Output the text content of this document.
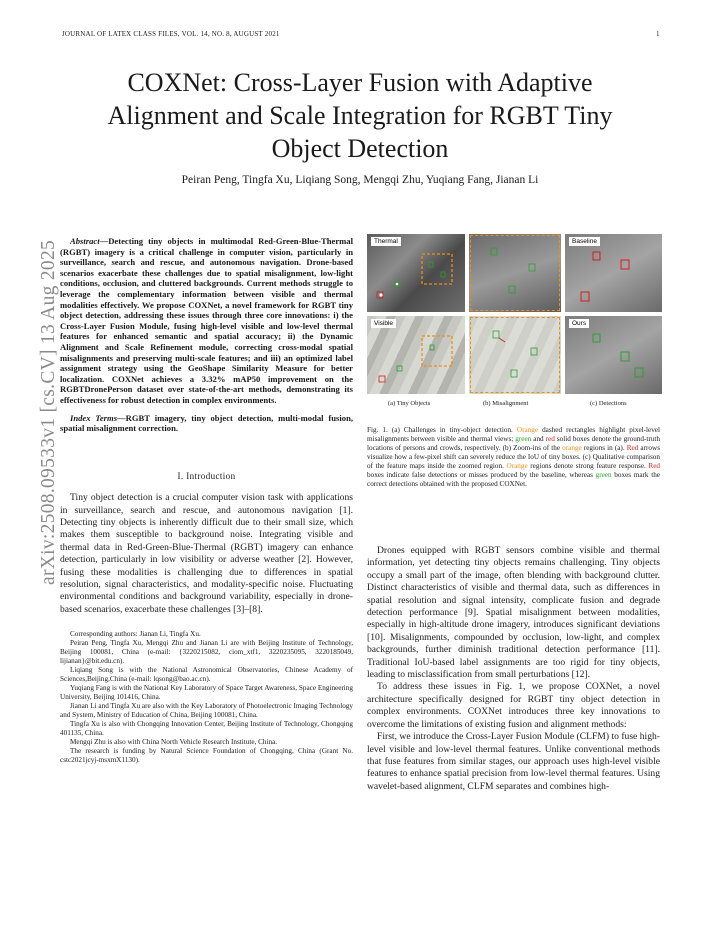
JOURNAL OF LATEX CLASS FILES, VOL. 14, NO. 8, AUGUST 2021	1
arXiv:2508.09533v1 [cs.CV] 13 Aug 2025
COXNet: Cross-Layer Fusion with Adaptive Alignment and Scale Integration for RGBT Tiny Object Detection
Peiran Peng, Tingfa Xu, Liqiang Song, Mengqi Zhu, Yuqiang Fang, Jianan Li

Abstract—Detecting tiny objects in multimodal Red-Green-Blue-Thermal (RGBT) imagery is a critical challenge in computer vision, particularly in surveillance, search and rescue, and autonomous navigation. Drone-based scenarios exacerbate these challenges due to spatial misalignment, low-light conditions, occlusion, and cluttered backgrounds. Current methods struggle to leverage the complementary information between visible and thermal modalities effectively. We propose COXNet, a novel framework for RGBT tiny object detection, addressing these issues through three core innovations: i) the Cross-Layer Fusion Module, fusing high-level visible and low-level thermal features for enhanced semantic and spatial accuracy; ii) the Dynamic Alignment and Scale Refinement module, correcting cross-modal spatial misalignments and preserving multi-scale features; and iii) an optimized label assignment strategy using the GeoShape Similarity Measure for better localization. COXNet achieves a 3.32% mAP50 improvement on the RGBTDronePerson dataset over state-of-the-art methods, demonstrating its effectiveness for robust detection in complex environments.

Index Terms—RGBT imagery, tiny object detection, multi-modal fusion, spatial misalignment correction.

I. Introduction

Tiny object detection is a crucial computer vision task with applications in surveillance, search and rescue, and autonomous navigation [1]. Detecting tiny objects is inherently difficult due to their small size, which makes them susceptible to background noise. Integrating visible and thermal data in Red-Green-Blue-Thermal (RGBT) imagery can enhance detection, particularly in low visibility or adverse weather [2]. However, fusing these modalities is challenging due to differences in spatial resolution, signal characteristics, and modality-specific noise. Fluctuating environmental conditions and background variability, especially in drone-based scenarios, exacerbate these challenges [3]–[8].

Corresponding authors: Jianan Li, Tingfa Xu.

Peiran Peng, Tingfa Xu, Mengqi Zhu and Jianan Li are with Beijing Institute of Technology, Beijing 100081, China (e-mail: {3220215082, ciom_xtf1, 3220235095, 3220185049, lijianan}@bit.edu.cn).

Liqiang Song is with the National Astronomical Observatories, Chinese Academy of Sciences,Beijing,China (e-mail: lqsong@bao.ac.cn).

Yuqiang Fang is with the National Key Laboratory of Space Target Awareness, Space Engineering University, Beijing 101416, China.

Jianan Li and Tingfa Xu are also with the Key Laboratory of Photoelectronic Imaging Technology and System, Ministry of Education of China, Beijing 100081, China.

Tingfa Xu is also with Chongqing Innovation Center, Beijing Institute of Technology, Chongqing 401135, China.

Mengqi Zhu is also with China North Vehicle Research Institute, China.

The research is funding by Natural Science Foundation of Chongqing, China (Grant No. cstc2021jcyj-msxmX1130).

Thermal
Visible
Baseline
Ours
(a) Tiny Objects	(b) Misalignment	(c) Detections
Fig. 1. (a) Challenges in tiny-object detection. Orange dashed rectangles highlight pixel-level misalignments between visible and thermal views; green and red solid boxes denote the ground-truth locations of persons and crowds, respectively. (b) Zoom-ins of the orange regions in (a). Red arrows visualize how a few-pixel shift can severely reduce the IoU of tiny boxes. (c) Qualitative comparison of the feature maps inside the zoomed region. Orange regions denote strong feature response. Red boxes indicate false detections or misses produced by the baseline, whereas green boxes mark the correct detections obtained with the proposed COXNet.

Drones equipped with RGBT sensors combine visible and thermal information, yet detecting tiny objects remains challenging. Tiny objects occupy a small part of the image, often blending with background clutter. Distinct characteristics of visible and thermal data, such as differences in spatial resolution and signal intensity, complicate fusion and degrade detection performance [9]. Spatial misalignment between modalities, especially in high-altitude drone imagery, introduces significant deviations [10]. Misalignments, compounded by occlusion, low-light, and complex backgrounds, further diminish traditional detection performance [11]. Traditional IoU-based label assignments are too rigid for tiny objects, leading to misclassification from small perturbations [12].

To address these issues in Fig. 1, we propose COXNet, a novel architecture specifically designed for RGBT tiny object detection in complex environments. COXNet introduces three key innovations to overcome the limitations of existing fusion and alignment methods:

First, we introduce the Cross-Layer Fusion Module (CLFM) to fuse high-level visible and low-level thermal features. Unlike conventional methods that fuse features from similar stages, our approach uses high-level visible features to enhance spatial precision from low-level thermal features. Using wavelet-based alignment, CLFM separates and combines high-
